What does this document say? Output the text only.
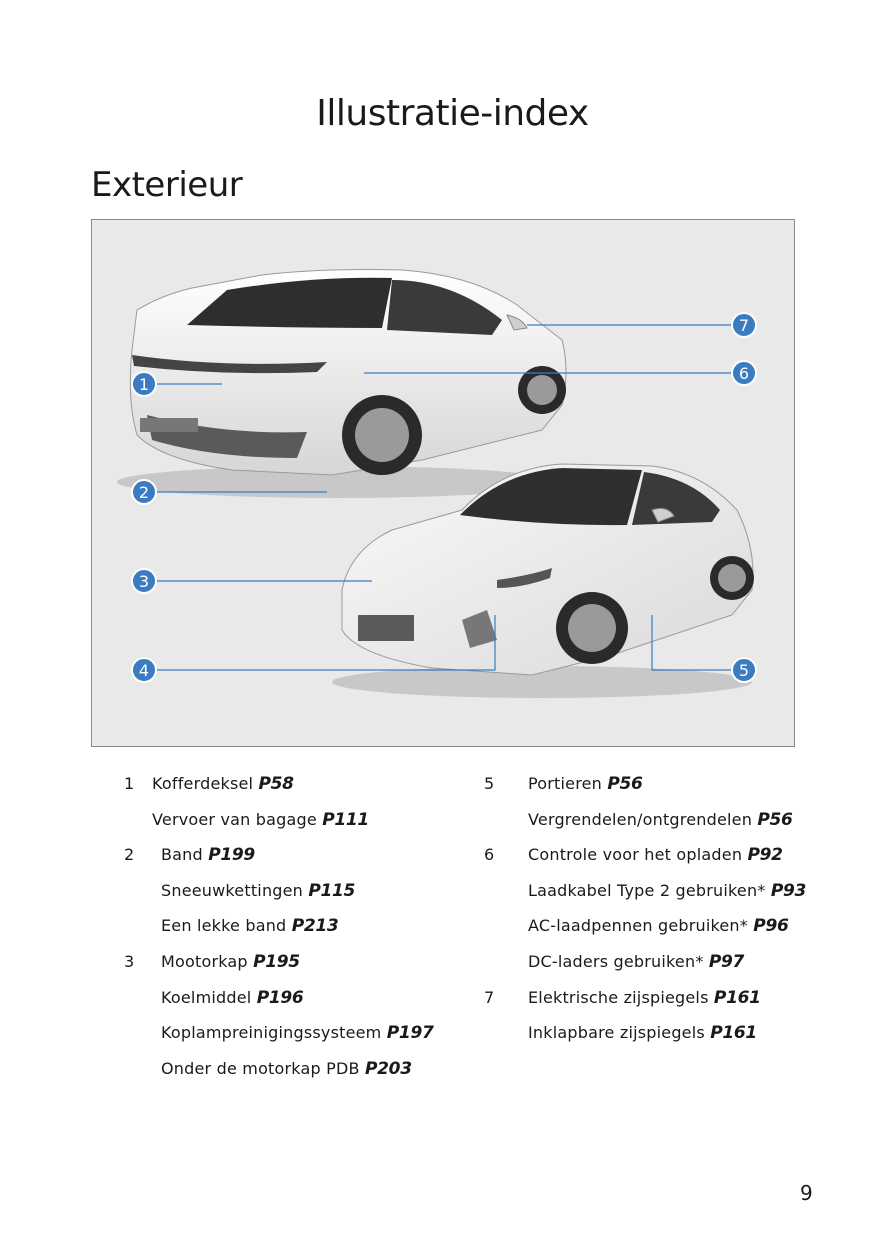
Illustratie-index
Exterieur
1
2
3
4	5
6
7
1 Kofferdeksel P58
Vervoer van bagage P111
2 Band P199
Sneeuwkettingen P115
Een lekke band P213
3 Mootorkap P195
Koelmiddel P196
Koplampreinigingssysteem P197
Onder de motorkap PDB P203
5 Portieren P56
Vergrendelen/ontgrendelen P56
6 Controle voor het opladen P92
Laadkabel Type 2 gebruiken* P93
AC-laadpennen gebruiken* P96
DC-laders gebruiken* P97
7 Elektrische zijspiegels P161
Inklapbare zijspiegels P161
9
